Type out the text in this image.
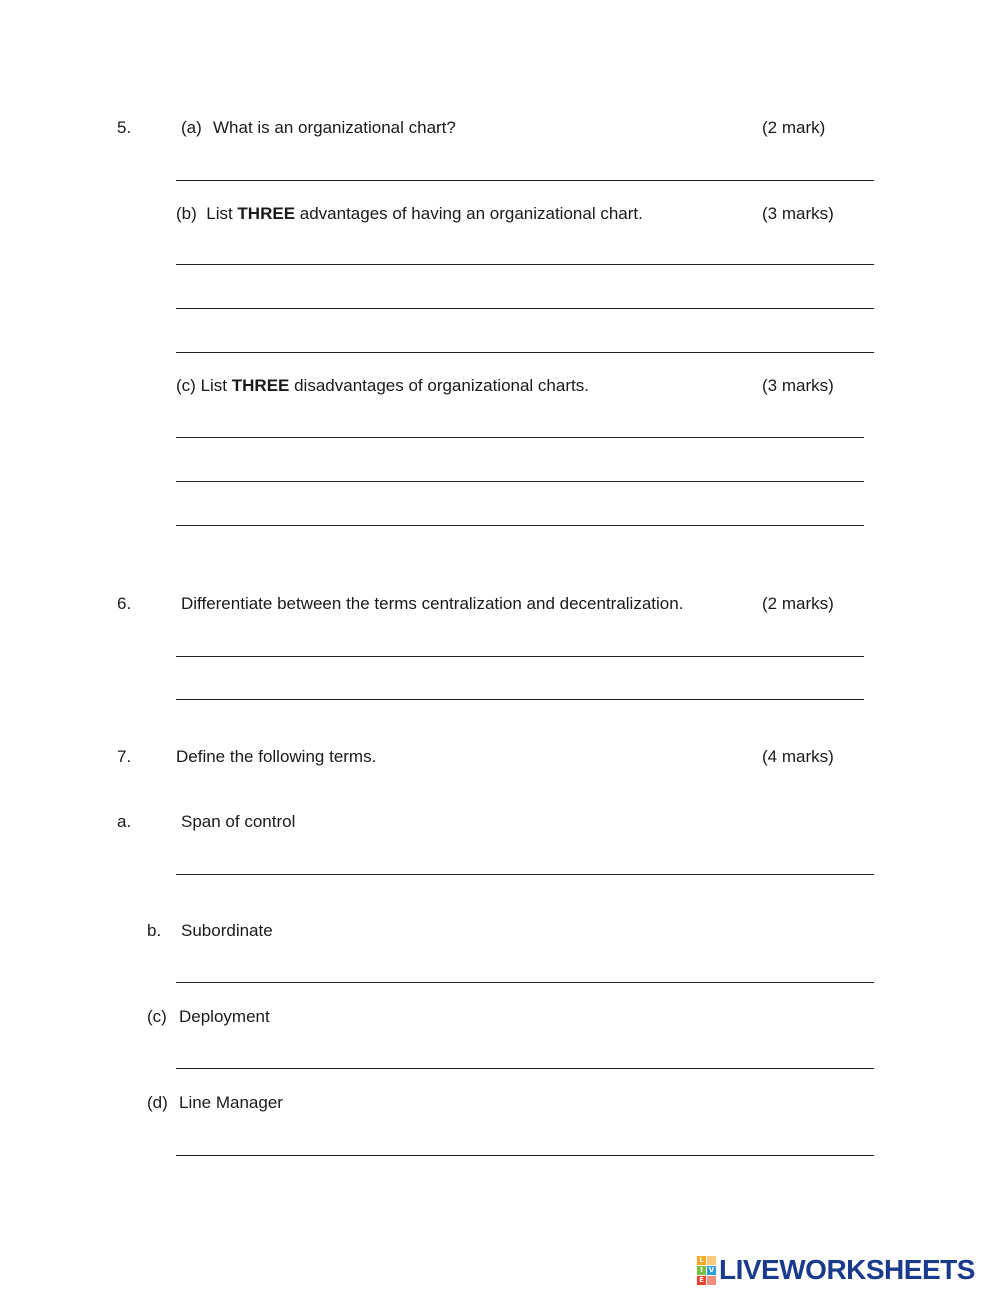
5.	(a) What is an organizational chart?	(2 mark)
(b) List THREE advantages of having an organizational chart.	(3 marks)
(c) List THREE disadvantages of organizational charts.	(3 marks)
6.	Differentiate between the terms centralization and decentralization.	(2 marks)
7.	Define the following terms.	(4 marks)
a.	Span of control
b. Subordinate
(c) Deployment
(d) Line Manager
L
I V
E LIVEWORKSHEETS
